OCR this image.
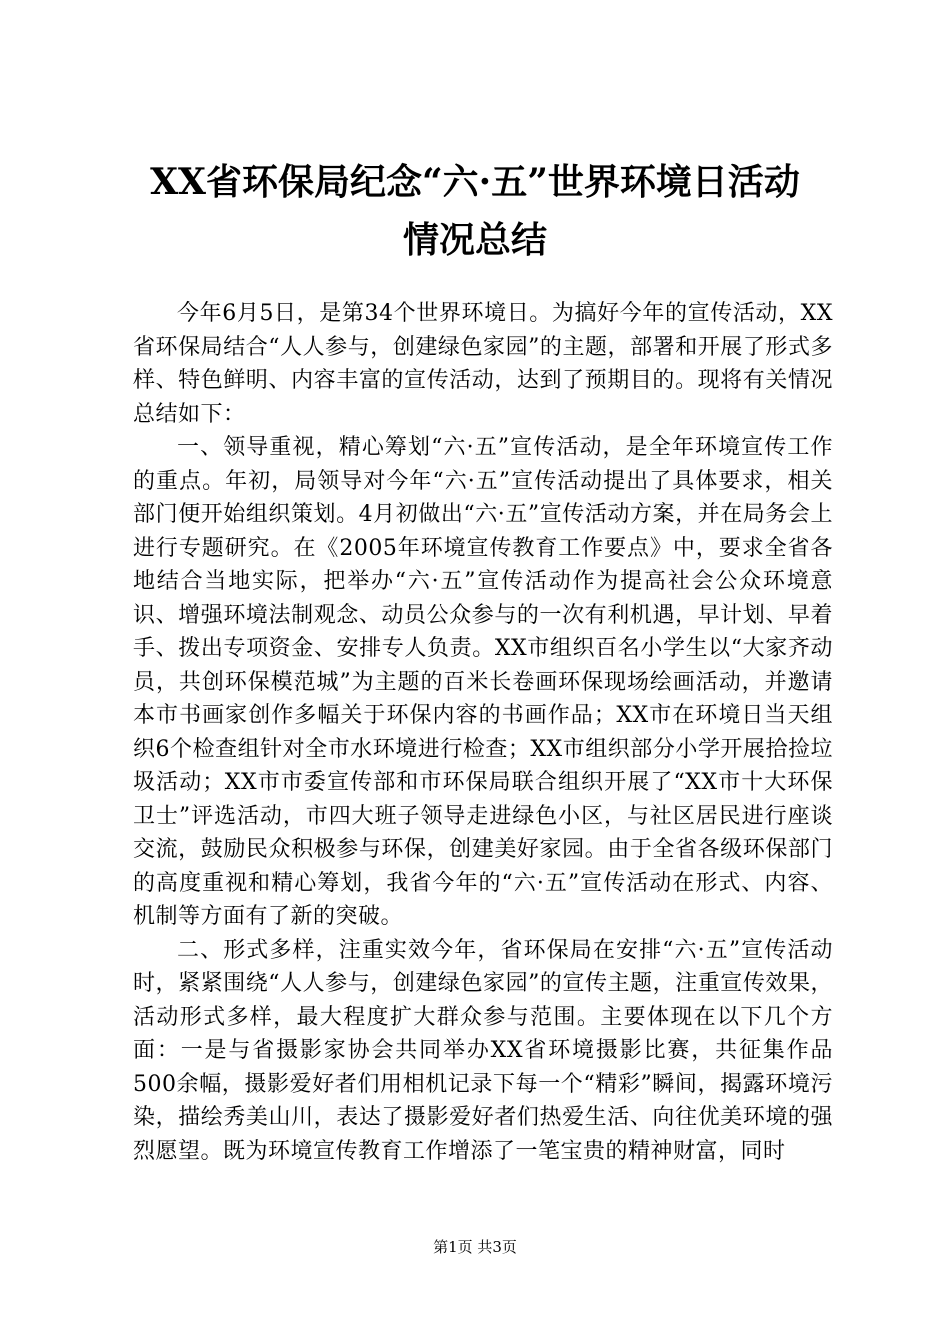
XX省环保局纪念“六·五”世界环境日活动
情况总结

今年6月5日，是第34个世界环境日。为搞好今年的宣传活动，XX省环保局结合“人人参与，创建绿色家园”的主题，部署和开展了形式多样、特色鲜明、内容丰富的宣传活动，达到了预期目的。现将有关情况总结如下：

一、领导重视，精心筹划“六·五”宣传活动，是全年环境宣传工作的重点。年初，局领导对今年“六·五”宣传活动提出了具体要求，相关部门便开始组织策划。4月初做出“六·五”宣传活动方案，并在局务会上进行专题研究。在《2005年环境宣传教育工作要点》中，要求全省各地结合当地实际，把举办“六·五”宣传活动作为提高社会公众环境意识、增强环境法制观念、动员公众参与的一次有利机遇，早计划、早着手、拨出专项资金、安排专人负责。XX市组织百名小学生以“大家齐动员，共创环保模范城”为主题的百米长卷画环保现场绘画活动，并邀请本市书画家创作多幅关于环保内容的书画作品；XX市在环境日当天组织6个检查组针对全市水环境进行检查；XX市组织部分小学开展拾捡垃圾活动；XX市市委宣传部和市环保局联合组织开展了“XX市十大环保卫士”评选活动，市四大班子领导走进绿色小区，与社区居民进行座谈交流，鼓励民众积极参与环保，创建美好家园。由于全省各级环保部门的高度重视和精心筹划，我省今年的“六·五”宣传活动在形式、内容、机制等方面有了新的突破。

二、形式多样，注重实效今年，省环保局在安排“六·五”宣传活动时，紧紧围绕“人人参与，创建绿色家园”的宣传主题，注重宣传效果，活动形式多样，最大程度扩大群众参与范围。主要体现在以下几个方面：一是与省摄影家协会共同举办XX省环境摄影比赛，共征集作品500余幅，摄影爱好者们用相机记录下每一个“精彩”瞬间，揭露环境污染，描绘秀美山川，表达了摄影爱好者们热爱生活、向往优美环境的强烈愿望。既为环境宣传教育工作增添了一笔宝贵的精神财富，同时

第1页 共3页
